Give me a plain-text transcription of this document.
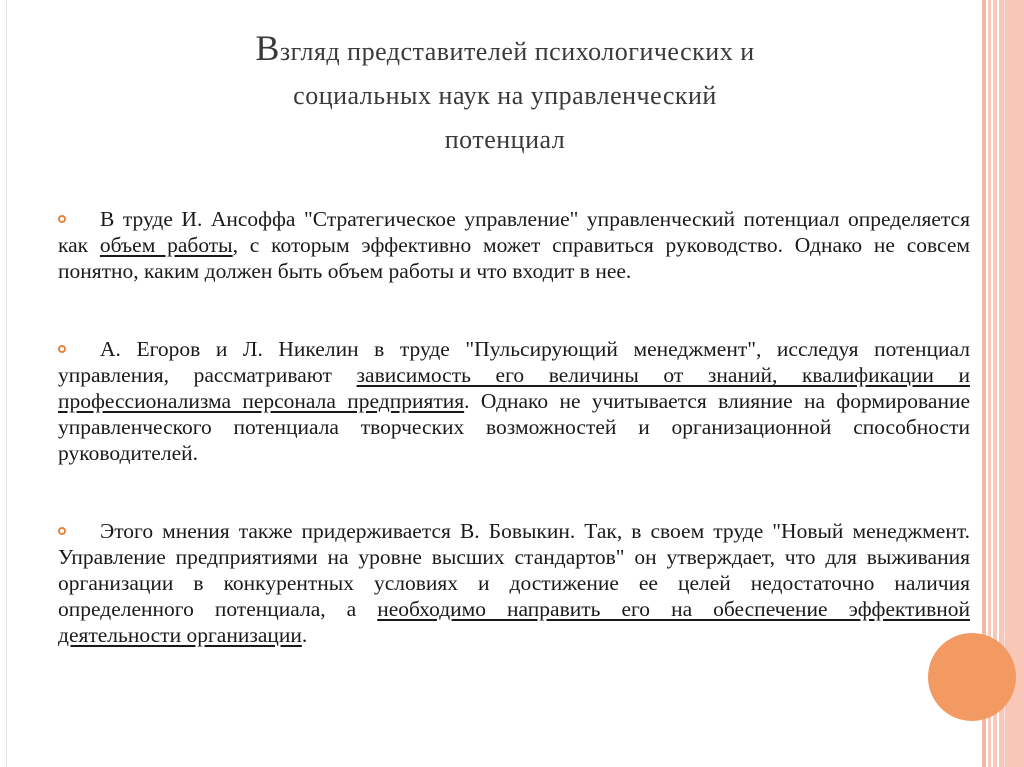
Взгляд представителей психологических и
социальных наук на управленческий
потенциал

В труде И. Ансоффа "Стратегическое управление" управленческий потенциал определяется как объем работы, с которым эффективно может справиться руководство. Однако не совсем понятно, каким должен быть объем работы и что входит в нее.

А. Егоров и Л. Никелин в труде "Пульсирующий менеджмент", исследуя потенциал управления, рассматривают зависимость его величины от знаний, квалификации и профессионализма персонала предприятия. Однако не учитывается влияние на формирование управленческого потенциала творческих возможностей и организационной способности руководителей.

Этого мнения также придерживается В. Бовыкин. Так, в своем труде "Новый менеджмент. Управление предприятиями на уровне высших стандартов" он утверждает, что для выживания организации в конкурентных условиях и достижение ее целей недостаточно наличия определенного потенциала, а необходимо направить его на обеспечение эффективной деятельности организации.
